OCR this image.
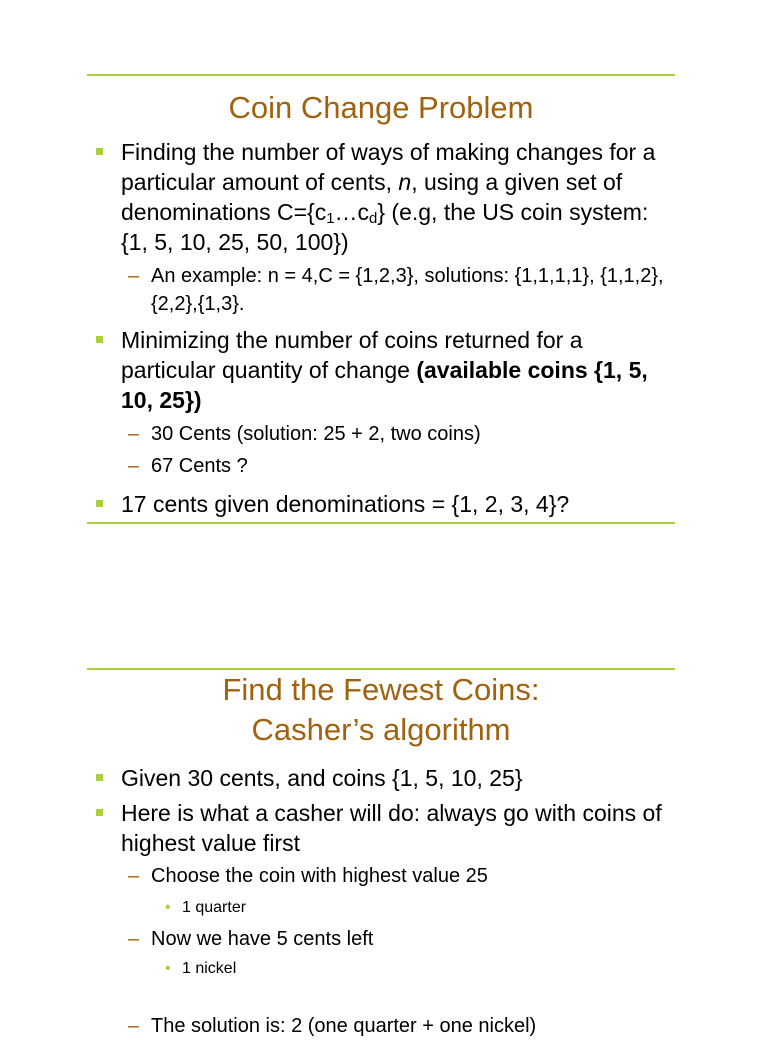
Coin Change Problem
Finding the number of ways of making changes for a particular amount of cents, n, using a given set of denominations $C=\{c_1\dots c_d\}$ (e.g, the US coin system: {1, 5, 10, 25, 50, 100})
– An example: n = 4,C = {1,2,3}, solutions: {1,1,1,1}, {1,1,2},{2,2},{1,3}.
Minimizing the number of coins returned for a particular quantity of change (available coins {1, 5, 10, 25})
– 30 Cents (solution: 25 + 2, two coins)
– 67 Cents ?
17 cents given denominations = {1, 2, 3, 4}?
Find the Fewest Coins:
Casher’s algorithm
Given 30 cents, and coins {1, 5, 10, 25}
Here is what a casher will do: always go with coins of highest value first
– Choose the coin with highest value 25
• 1 quarter
– Now we have 5 cents left
• 1 nickel
– The solution is: 2 (one quarter + one nickel)
